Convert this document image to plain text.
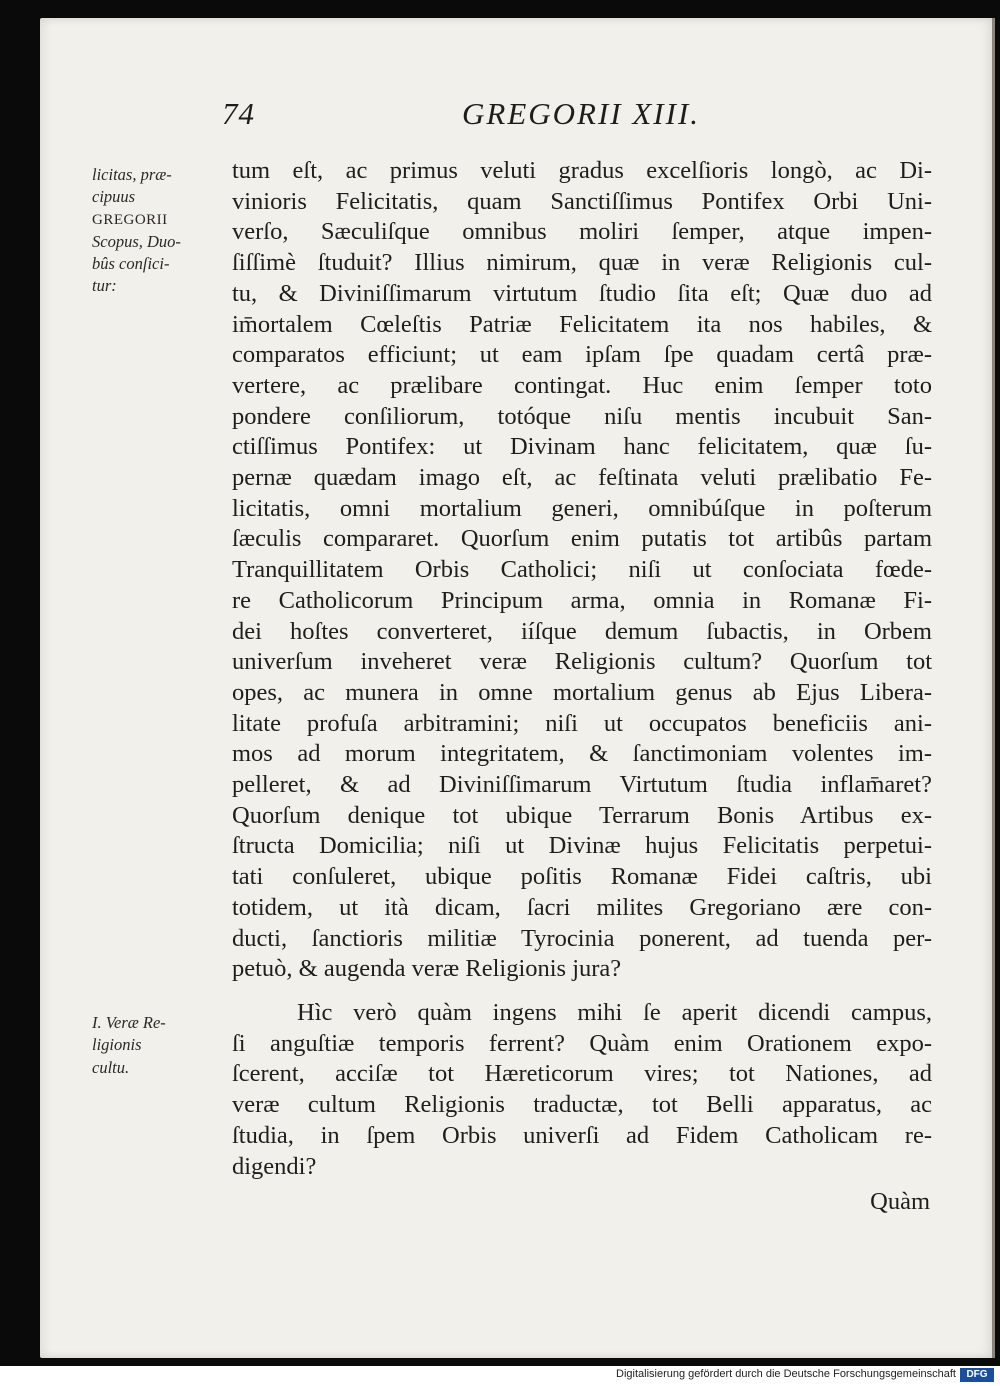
74	GREGORII XIII.
licitas, præ-
cipuus
GREGORII
Scopus, Duo-
bûs conſici-
tur:
I. Veræ Re-
ligionis
cultu.
tum eſt, ac primus veluti gradus excelſioris longò, ac Di-
vinioris Felicitatis, quam Sanctiſſimus Pontifex Orbi Uni-
verſo, Sæculiſque omnibus moliri ſemper, atque impen-
ſiſſimè ſtuduit? Illius nimirum, quæ in veræ Religionis cul-
tu, & Diviniſſimarum virtutum ſtudio ſita eſt; Quæ duo ad
im̄ortalem Cœleſtis Patriæ Felicitatem ita nos habiles, &
comparatos efficiunt; ut eam ipſam ſpe quadam certâ præ-
vertere, ac prælibare contingat. Huc enim ſemper toto
pondere conſiliorum, totóque niſu mentis incubuit San-
ctiſſimus Pontifex: ut Divinam hanc felicitatem, quæ ſu-
pernæ quædam imago eſt, ac feſtinata veluti prælibatio Fe-
licitatis, omni mortalium generi, omnibúſque in poſterum
ſæculis compararet. Quorſum enim putatis tot artibûs partam
Tranquillitatem Orbis Catholici; niſi ut conſociata fœde-
re Catholicorum Principum arma, omnia in Romanæ Fi-
dei hoſtes converteret, iíſque demum ſubactis, in Orbem
univerſum inveheret veræ Religionis cultum? Quorſum tot
opes, ac munera in omne mortalium genus ab Ejus Libera-
litate profuſa arbitramini; niſi ut occupatos beneficiis ani-
mos ad morum integritatem, & ſanctimoniam volentes im-
pelleret, & ad Diviniſſimarum Virtutum ſtudia inflam̄aret?
Quorſum denique tot ubique Terrarum Bonis Artibus ex-
ſtructa Domicilia; niſi ut Divinæ hujus Felicitatis perpetui-
tati conſuleret, ubique poſitis Romanæ Fidei caſtris, ubi
totidem, ut ità dicam, ſacri milites Gregoriano ære con-
ducti, ſanctioris militiæ Tyrocinia ponerent, ad tuenda per-
petuò, & augenda veræ Religionis jura?
Hìc verò quàm ingens mihi ſe aperit dicendi campus,
ſi anguſtiæ temporis ferrent? Quàm enim Orationem expo-
ſcerent, acciſæ tot Hæreticorum vires; tot Nationes, ad
veræ cultum Religionis traductæ, tot Belli apparatus, ac
ſtudia, in ſpem Orbis univerſi ad Fidem Catholicam re-
digendi?
Quàm
Digitalisierung gefördert durch die Deutsche Forschungsgemeinschaft	DFG
